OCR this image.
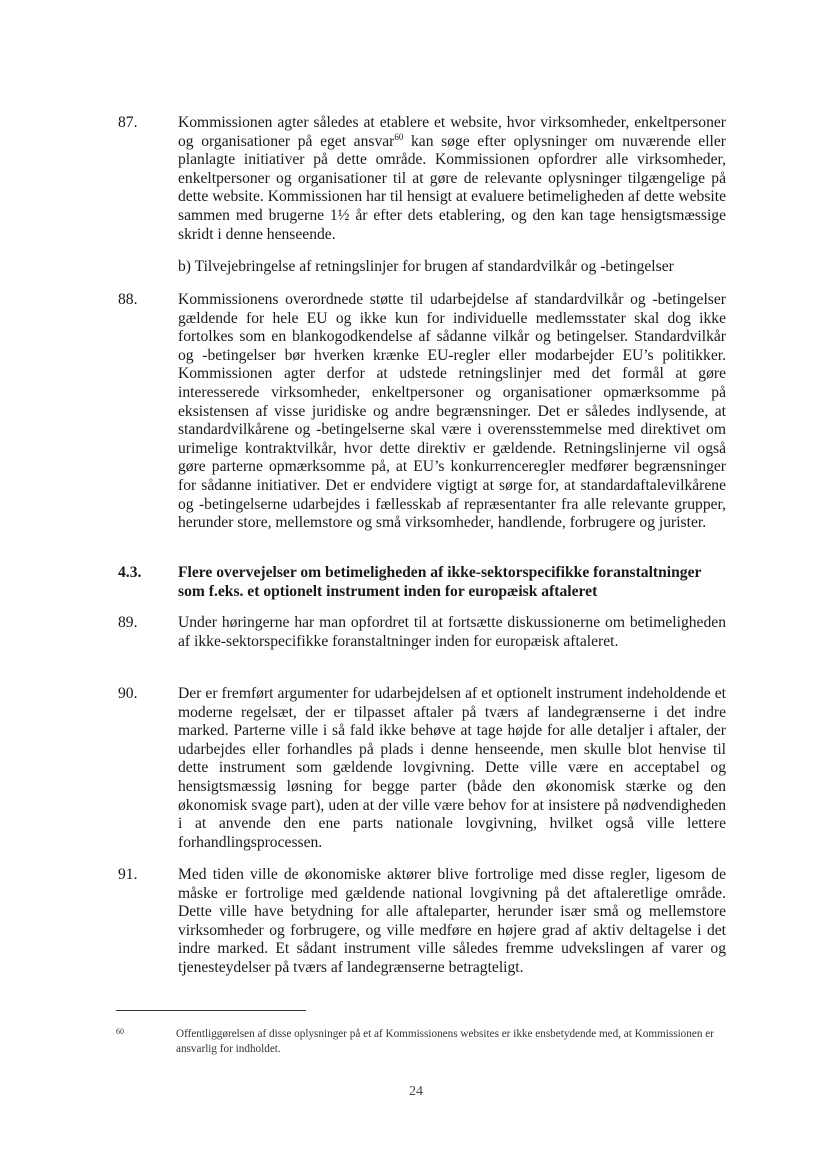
87.	Kommissionen agter således at etablere et website, hvor virksomheder, enkeltpersoner og organisationer på eget ansvar$^{60}$ kan søge efter oplysninger om nuværende eller planlagte initiativer på dette område. Kommissionen opfordrer alle virksomheder, enkeltpersoner og organisationer til at gøre de relevante oplysninger tilgængelige på dette website. Kommissionen har til hensigt at evaluere betimeligheden af dette website sammen med brugerne 1½ år efter dets etablering, og den kan tage hensigtsmæssige skridt i denne henseende.
b) Tilvejebringelse af retningslinjer for brugen af standardvilkår og -betingelser
88.	Kommissionens overordnede støtte til udarbejdelse af standardvilkår og -betingelser gældende for hele EU og ikke kun for individuelle medlemsstater skal dog ikke fortolkes som en blankogodkendelse af sådanne vilkår og betingelser. Standardvilkår og -betingelser bør hverken krænke EU-regler eller modarbejder EU’s politikker. Kommissionen agter derfor at udstede retningslinjer med det formål at gøre interesserede virksomheder, enkeltpersoner og organisationer opmærksomme på eksistensen af visse juridiske og andre begrænsninger. Det er således indlysende, at standardvilkårene og -betingelserne skal være i overensstemmelse med direktivet om urimelige kontraktvilkår, hvor dette direktiv er gældende. Retningslinjerne vil også gøre parterne opmærksomme på, at EU’s konkurrenceregler medfører begrænsninger for sådanne initiativer. Det er endvidere vigtigt at sørge for, at standardaftalevilkårene og -betingelserne udarbejdes i fællesskab af repræsentanter fra alle relevante grupper, herunder store, mellemstore og små virksomheder, handlende, forbrugere og jurister.
4.3. Flere overvejelser om betimeligheden af ikke-sektorspecifikke foranstaltninger som f.eks. et optionelt instrument inden for europæisk aftaleret
89.	Under høringerne har man opfordret til at fortsætte diskussionerne om betimeligheden af ikke-sektorspecifikke foranstaltninger inden for europæisk aftaleret.
90.	Der er fremført argumenter for udarbejdelsen af et optionelt instrument indeholdende et moderne regelsæt, der er tilpasset aftaler på tværs af landegrænserne i det indre marked. Parterne ville i så fald ikke behøve at tage højde for alle detaljer i aftaler, der udarbejdes eller forhandles på plads i denne henseende, men skulle blot henvise til dette instrument som gældende lovgivning. Dette ville være en acceptabel og hensigtsmæssig løsning for begge parter (både den økonomisk stærke og den økonomisk svage part), uden at der ville være behov for at insistere på nødvendigheden i at anvende den ene parts nationale lovgivning, hvilket også ville lettere forhandlingsprocessen.
91.	Med tiden ville de økonomiske aktører blive fortrolige med disse regler, ligesom de måske er fortrolige med gældende national lovgivning på det aftaleretlige område. Dette ville have betydning for alle aftaleparter, herunder især små og mellemstore virksomheder og forbrugere, og ville medføre en højere grad af aktiv deltagelse i det indre marked. Et sådant instrument ville således fremme udvekslingen af varer og tjenesteydelser på tværs af landegrænserne betragteligt.
60	Offentliggørelsen af disse oplysninger på et af Kommissionens websites er ikke ensbetydende med, at Kommissionen er ansvarlig for indholdet.
24
